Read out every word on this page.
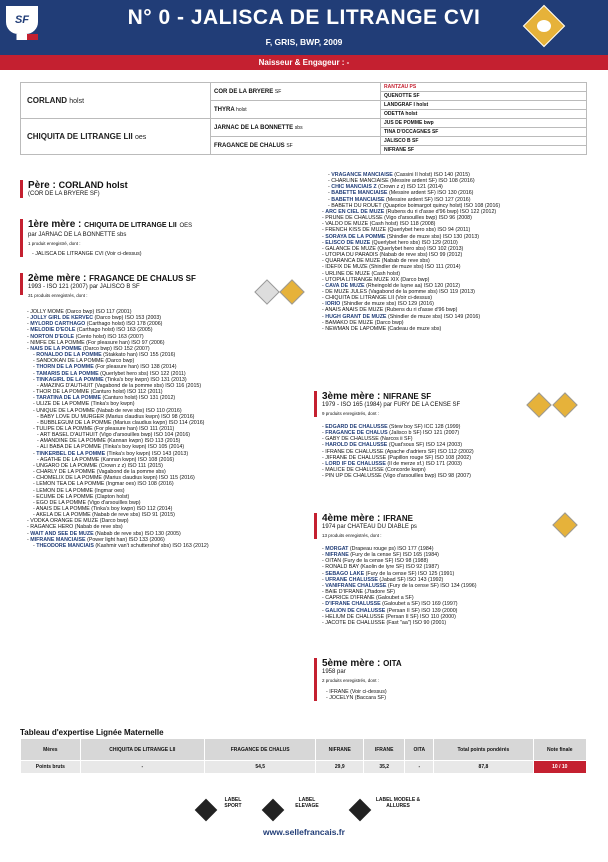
SF	N° 0 - JALISCA DE LITRANGE CVI
F, GRIS, BWP, 2009
Naisseur & Engageur : -
CORLAND holst	COR DE LA BRYERE SF	RANTZAU PS
		QUENOTTE SF
	THYRA holst	LANDGRAF I holst
		ODETTA holst
CHIQUITA DE LITRANGE LII oes	JARNAC DE LA BONNETTE sbs	JUS DE POMME bwp
		TINA D'OCCAGNES SF
	FRAGANCE DE CHALUS SF	JALISCO B SF
		NIFRANE SF
Père : CORLAND holst
(COR DE LA BRYERE SF)
1ère mère : CHIQUITA DE LITRANGE LII OES
par JARNAC DE LA BONNETTE sbs
1 produit enregistré, dont :
- JALISCA DE LITRANGE CVI (Voir ci-dessus)
2ème mère : FRAGANCE DE CHALUS SF
1993 - ISO 121 (2007) par JALISCO B SF
31 produits enregistrés, dont :
- JOLLY MOME (Darco bwp) ISO 117 (2001)
- JOLLY GIRL DE KERVEC (Darco bwp) ISO 153 (2003)
- MYLORD CARTHAGO (Carthago holst) ISO 178 (2006)
- MELODIE D'EOLE (Carthago holst) ISO 163 (2005)
- NORTON D'EOLE (Cento holst) ISO 163 (2007)
- NIMFE DE LA POMME (For pleasure han) ISO 97 (2006)
- NAIS DE LA POMME (Darco bwp) ISO 152 (2007)
- RONALDO DE LA POMME (Stakkato han) ISO 155 (2016)
- SANDOKAN DE LA POMME (Darco bwp)
- THORN DE LA POMME (For pleasure han) ISO 138 (2014)
- TAMARIS DE LA POMME (Querlybet hero sbs) ISO 122 (2011)
- TINKAGIRL DE LA POMME (Tinka's boy kwpn) ISO 131 (2013)
- AMAZING D'AUTHUIT (Vagabond de la pomme sbs) ISO 116 (2015)
- THOR DE LA POMME (Canturo holst) ISO 112 (2011)
- TARATINA DE LA POMME (Canturo holst) ISO 131 (2012)
- ULIZE DE LA POMME (Tinka's boy kwpn)
- UNIQUE DE LA POMME (Nabab de reve sbs) ISO 110 (2016)
- BABY LOVE DU MURGER (Marius claudius kwpn) ISO 98 (2016)
- BUBBLEGUM DE LA POMME (Marius claudius kwpn) ISO 114 (2016)
- TULIPE DE LA POMME (For pleasure han) ISO 111 (2011)
- ART BASEL D'AUTHUIT (Vigo d'arsouilles bwp) ISO 104 (2016)
- AMANDINE DE LA POMME (Kannan kwpn) ISO 113 (2015)
- ALI BABA DE LA POMME (Tinka's boy kwpn) ISO 105 (2014)
- TINKERBEL DE LA POMME (Tinka's boy kwpn) ISO 143 (2013)
- AGATHE DE LA POMME (Kannan kwpn) ISO 108 (2016)
- UNGARO DE LA POMME (Crown z z) ISO 111 (2015)
- CHARLY DE LA POMME (Vagabond de la pomme sbs)
- CHOMELIX DE LA POMME (Marius claudius kwpn) ISO 115 (2016)
- LEMON TEA DE LA POMME (Ingmar oes) ISO 108 (2016)
- LEMON DE LA POMME (Ingmar oes)
- ECUME DE LA POMME (Clapton holst)
- EGO DE LA POMME (Vigo d'arsouilles bwp)
- ANAIS DE LA POMME (Tinka's boy kwpn) ISO 112 (2014)
- AKELA DE LA POMME (Nabab de reve sbs) ISO 91 (2015)
- VODKA ORANGE DE MUZE (Darco bwp)
- RAGANCE HERO (Nabab de reve sbs)
- WAIT AND SEE DE MUZE (Nabab de reve sbs) ISO 130 (2005)
- MIFRANE MANCIAISE (Power light han) ISO 133 (2006)
- THEODORE MANCIAIS (Kashmir van't schuttershof sbs) ISO 163 (2012)
- VRAGANCE MANCIAISE (Cassini II holst) ISO 140 (2015)
- CHARLINE MANCIAISE (Messire ardent SF) ISO 108 (2016)
- CHIC MANCIAIS Z (Crown z z) ISO 121 (2014)
- BABETTE MANCIAISE (Messire ardent SF) ISO 130 (2016)
- BABETH MANCIAISE (Messire ardent SF) ISO 127 (2016)
- BABETH DU ROUET (Quaprice boimargot quincy holst) ISO 108 (2016)
- ARC EN CIEL DE MUZE (Rubens du ri d'asse d'96 bwp) ISO 122 (2012)
- PRUNE DE CHALUSSE (Vigo d'arsouilles bwp) ISO 96 (2008)
- VALDO DE MUZE (Cash holst) ISO 118 (2008)
- FRENCH KISS DE MUZE (Querlybet hero sbs) ISO 94 (2011)
- SORAYA DE LA POMME (Shindler de muze sbs) ISO 130 (2013)
- ELISCO DE MUZE (Querlybet hero sbs) ISO 129 (2010)
- GALANCE DE MUZE (Querlybet hero sbs) ISO 102 (2013)
- UTOPIA DU PARADIS (Nabab de reve sbs) ISO 99 (2012)
- QUARANCA DE MUZE (Nabab de reve sbs)
- IDEFIX DE MUZE (Shindler de muze sbs) ISO 111 (2014)
- URLINE DE MUZE (Cash holst)
- UTOPIA LITRANGE MUZE XIX (Darco bwp)
- CAVA DE MUZE (Rheingold de luyne aa) ISO 120 (2012)
- DE MUZE JULES (Vagabond de la pomme sbs) ISO 119 (2013)
- CHIQUITA DE LITRANGE LII (Voir ci-dessus)
- IORIO (Shindler de muze sbs) ISO 129 (2016)
- ANAIS ANAIS DE MUZE (Rubens du ri d'asse d'96 bwp)
- HUGH GRANT DE MUZE (Shindler de muze sbs) ISO 149 (2016)
- BAMAKO DE MUZE (Darco bwp)
- NEWMAN DE LAPOMME (Cadeau de muze sbs)
3ème mère : NIFRANE SF
1979 - ISO 165 (1984) par FURY DE LA CENSE SF
9 produits enregistrés, dont :
- EDGARD DE CHALUSSE (Stew boy SF) ICC 128 (1999)
- FRAGANCE DE CHALUS (Jalisco b SF) ISO 121 (2007)
- GABY DE CHALUSSE (Narcos ii SF)
- HAROLD DE CHALUSSE (Quat'sous SF) ISO 124 (2003)
- IFRANE DE CHALUSSE (Apache d'adriers SF) ISO 112 (2002)
- JIFRANE DE CHALUSSE (Papillon rouge SF) ISO 108 (2002)
- LORD IF DE CHALUSSE (Il de merze sf.) ISO 171 (2003)
- MALICE DE CHALUSSE (Concorde kwpn)
- PIN UP DE CHALUSSE (Vigo d'arsouilles bwp) ISO 98 (2007)
4ème mère : IFRANE
1974 par CHATEAU DU DIABLE ps
13 produits enregistrés, dont :
- MORGAT (Drapeau rouge ps) ISO 177 (1984)
- NIFRANE (Fury de la cense SF) ISO 165 (1984)
- OITAN (Fury de la cense SF) ISO 98 (1988)
- RONALD BAY (Kaolin de lyre SF) ISO 92 (1987)
- SEBAGO LAKE (Fury de la cense SF) ISO 125 (1991)
- UFRANE CHALUSSE (Jabad SF) ISO 143 (1992)
- VANIFRANE CHALUSSE (Fury de la cense SF) ISO 134 (1996)
- BAIE D'IFRANE (J'tadore SF)
- CAPRICE D'IFRANE (Galoubet a SF)
- D'IFRANE CHALUSSE (Galoubet a SF) ISO 169 (1997)
- GALION DE CHALUSSE (Persan II SF) ISO 139 (2000)
- HELIUM DE CHALUSSE (Persan II SF) ISO 110 (2000)
- JACOTE DE CHALUSSE (Fast "aa") ISO 90 (2001)
5ème mère : OITA
1958 par
2 produits enregistrés, dont :
- IFRANE (Voir ci-dessus)
- JOCELYN (Baccara SF)
Tableau d'expertise Lignée Maternelle
Mères	CHIQUITA DE LITRANGE LII	FRAGANCE DE CHALUS	NIFRANE	IFRANE	OITA	Total points pondérés	Note finale
Points bruts	-	54,5	29,9	35,2	-	87,8	10 / 10
LABEL SPORT
LABEL ELEVAGE
LABEL MODELE & ALLURES
www.sellefrancais.fr
